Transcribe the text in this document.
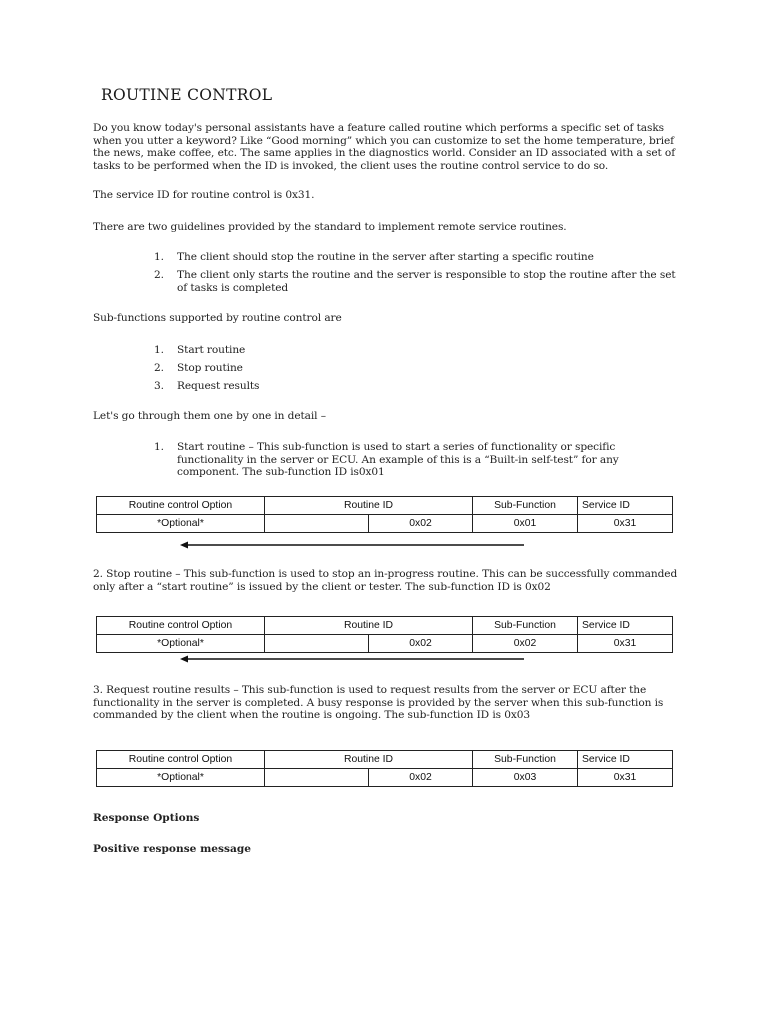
ROUTINE CONTROL
Do you know today's personal assistants have a feature called routine which performs a specific set of tasks when you utter a keyword? Like “Good morning” which you can customize to set the home temperature, brief the news, make coffee, etc. The same applies in the diagnostics world. Consider an ID associated with a set of tasks to be performed when the ID is invoked, the client uses the routine control service to do so.
The service ID for routine control is 0x31.
There are two guidelines provided by the standard to implement remote service routines.
1. The client should stop the routine in the server after starting a specific routine
2. The client only starts the routine and the server is responsible to stop the routine after the set of tasks is completed
Sub-functions supported by routine control are
1. Start routine
2. Stop routine
3. Request results
Let's go through them one by one in detail –
1. Start routine – This sub-function is used to start a series of functionality or specific functionality in the server or ECU. An example of this is a “Built-in self-test” for any component. The sub-function ID is0x01
Routine control Option	Routine ID		Sub-Function	Service ID
*Optional*		0x02	0x01	0x31
2. Stop routine – This sub-function is used to stop an in-progress routine. This can be successfully commanded only after a “start routine” is issued by the client or tester. The sub-function ID is 0x02
Routine control Option	Routine ID		Sub-Function	Service ID
*Optional*		0x02	0x02	0x31
3. Request routine results – This sub-function is used to request results from the server or ECU after the functionality in the server is completed. A busy response is provided by the server when this sub-function is commanded by the client when the routine is ongoing. The sub-function ID is 0x03
Routine control Option	Routine ID		Sub-Function	Service ID
*Optional*		0x02	0x03	0x31
Response Options
Positive response message
